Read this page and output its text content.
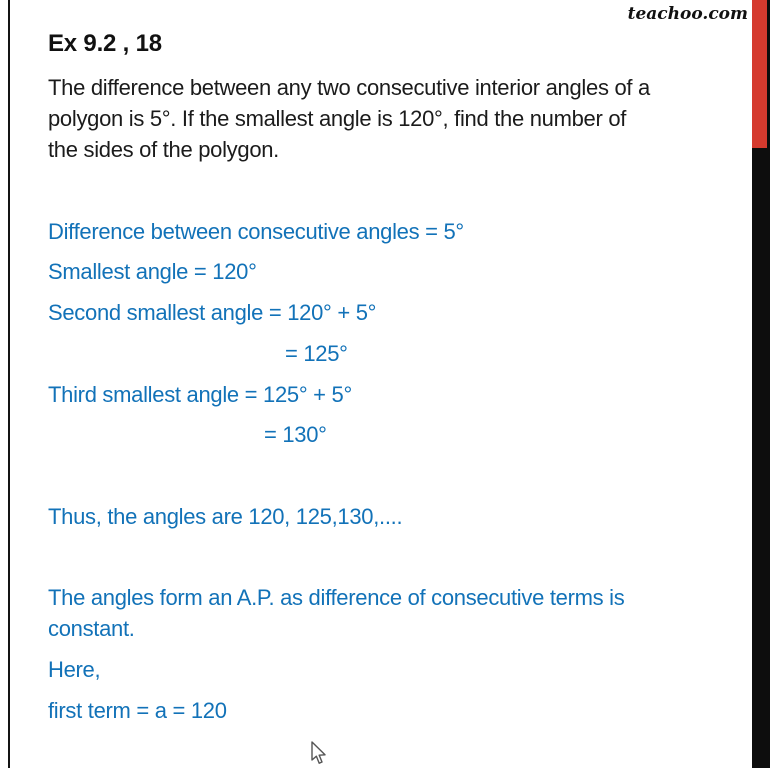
teachoo.com
Ex 9.2 , 18
The difference between any two consecutive interior angles of a
polygon is 5°. If the smallest angle is 120°, find the number of
the sides of the polygon.
Difference between consecutive angles = 5°
Smallest angle = 120°
Second smallest angle = 120° + 5°
= 125°
Third smallest angle = 125° + 5°
= 130°
Thus, the angles are 120, 125,130,....
The angles form an A.P. as difference of consecutive terms is
constant.
Here,
first term = a = 120
